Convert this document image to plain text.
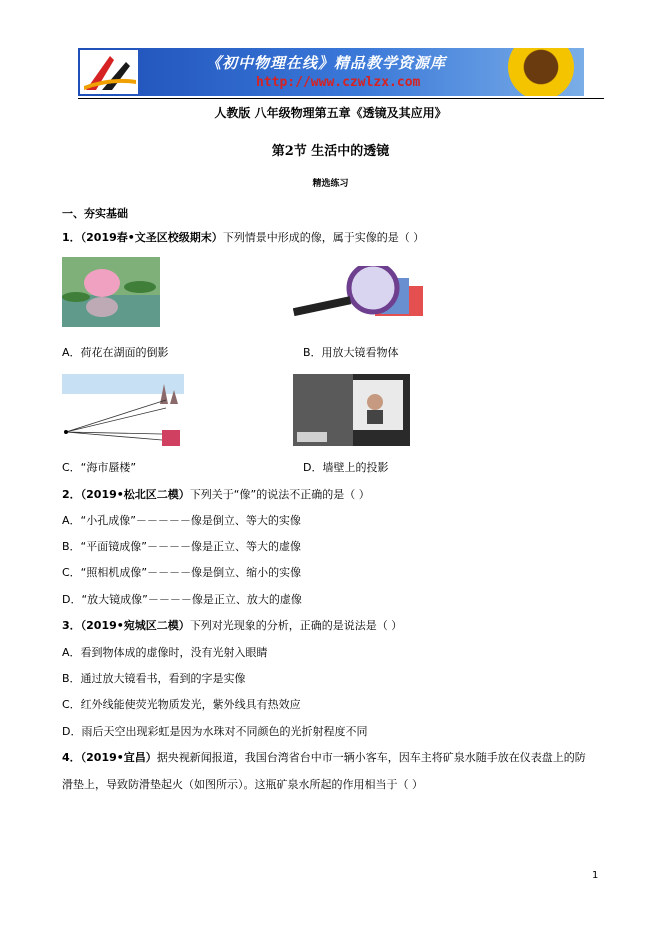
《初中物理在线》精品教学资源库
http://www.czwlzx.com
人教版 八年级物理第五章《透镜及其应用》
第2节 生活中的透镜
精选练习
一、夯实基础
1．（2019春•文圣区校级期末）下列情景中形成的像，属于实像的是（ ）
A．荷花在湖面的倒影	B．用放大镜看物体
C．“海市蜃楼”	D．墙壁上的投影
2．（2019•松北区二模）下列关于“像”的说法不正确的是（ ）
A．“小孔成像”－－－－－像是倒立、等大的实像
B．“平面镜成像”－－－－像是正立、等大的虚像
C．“照相机成像”－－－－像是倒立、缩小的实像
D．“放大镜成像”－－－－像是正立、放大的虚像
3．（2019•宛城区二模）下列对光现象的分析，正确的是说法是（ ）
A．看到物体成的虚像时，没有光射入眼睛
B．通过放大镜看书，看到的字是实像
C．红外线能使荧光物质发光，紫外线具有热效应
D．雨后天空出现彩虹是因为水珠对不同颜色的光折射程度不同
4．（2019•宜昌）据央视新闻报道，我国台湾省台中市一辆小客车，因车主将矿泉水随手放在仪表盘上的防
滑垫上，导致防滑垫起火（如图所示）。这瓶矿泉水所起的作用相当于（ ）
1
